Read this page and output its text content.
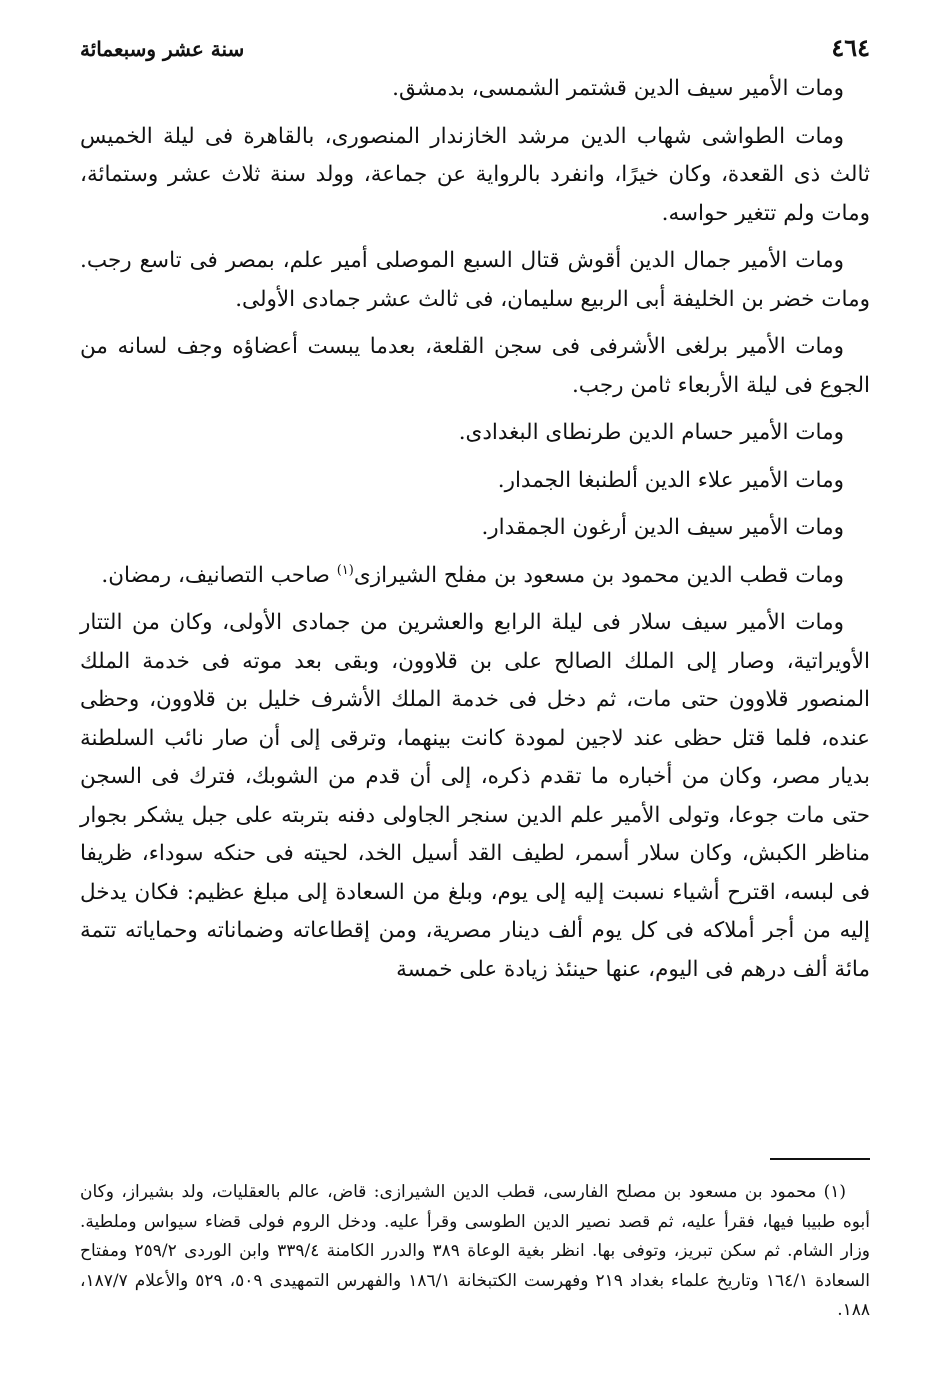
٤٦٤
سنة عشر وسبعمائة

ومات الأمير سيف الدين قشتمر الشمسى، بدمشق.

ومات الطواشى شهاب الدين مرشد الخازندار المنصورى، بالقاهرة فى ليلة الخميس ثالث ذى القعدة، وكان خيرًا، وانفرد بالرواية عن جماعة، وولد سنة ثلاث عشر وستمائة، ومات ولم تتغير حواسه.

ومات الأمير جمال الدين أقوش قتال السبع الموصلى أمير علم، بمصر فى تاسع رجب. ومات خضر بن الخليفة أبى الربيع سليمان، فى ثالث عشر جمادى الأولى.

ومات الأمير برلغى الأشرفى فى سجن القلعة، بعدما يبست أعضاؤه وجف لسانه من الجوع فى ليلة الأربعاء ثامن رجب.

ومات الأمير حسام الدين طرنطاى البغدادى.

ومات الأمير علاء الدين ألطنبغا الجمدار.

ومات الأمير سيف الدين أرغون الجمقدار.

ومات قطب الدين محمود بن مسعود بن مفلح الشيرازى$^{(١)}$ صاحب التصانيف، رمضان.

ومات الأمير سيف سلار فى ليلة الرابع والعشرين من جمادى الأولى، وكان من التتار الأويراتية، وصار إلى الملك الصالح على بن قلاوون، وبقى بعد موته فى خدمة الملك المنصور قلاوون حتى مات، ثم دخل فى خدمة الملك الأشرف خليل بن قلاوون، وحظى عنده، فلما قتل حظى عند لاجين لمودة كانت بينهما، وترقى إلى أن صار نائب السلطنة بديار مصر، وكان من أخباره ما تقدم ذكره، إلى أن قدم من الشوبك، فترك فى السجن حتى مات جوعا، وتولى الأمير علم الدين سنجر الجاولى دفنه بتربته على جبل يشكر بجوار مناظر الكبش، وكان سلار أسمر، لطيف القد أسيل الخد، لحيته فى حنكه سوداء، ظريفا فى لبسه، اقترح أشياء نسبت إليه إلى يوم، وبلغ من السعادة إلى مبلغ عظيم: فكان يدخل إليه من أجر أملاكه فى كل يوم ألف دينار مصرية، ومن إقطاعاته وضماناته وحماياته تتمة مائة ألف درهم فى اليوم، عنها حينئذ زيادة على خمسة

(١) محمود بن مسعود بن مصلح الفارسى، قطب الدين الشيرازى: قاض، عالم بالعقليات، ولد بشيراز، وكان أبوه طبيبا فيها، فقرأ عليه، ثم قصد نصير الدين الطوسى وقرأ عليه. ودخل الروم فولى قضاء سيواس وملطية. وزار الشام. ثم سكن تبريز، وتوفى بها. انظر بغية الوعاة ٣٨٩ والدرر الكامنة ٣٣٩/٤ وابن الوردى ٢٥٩/٢ ومفتاح السعادة ١٦٤/١ وتاريخ علماء بغداد ٢١٩ وفهرست الكتبخانة ١٨٦/١ والفهرس التمهيدى ٥٠٩، ٥٢٩ والأعلام ١٨٧/٧، ١٨٨.
